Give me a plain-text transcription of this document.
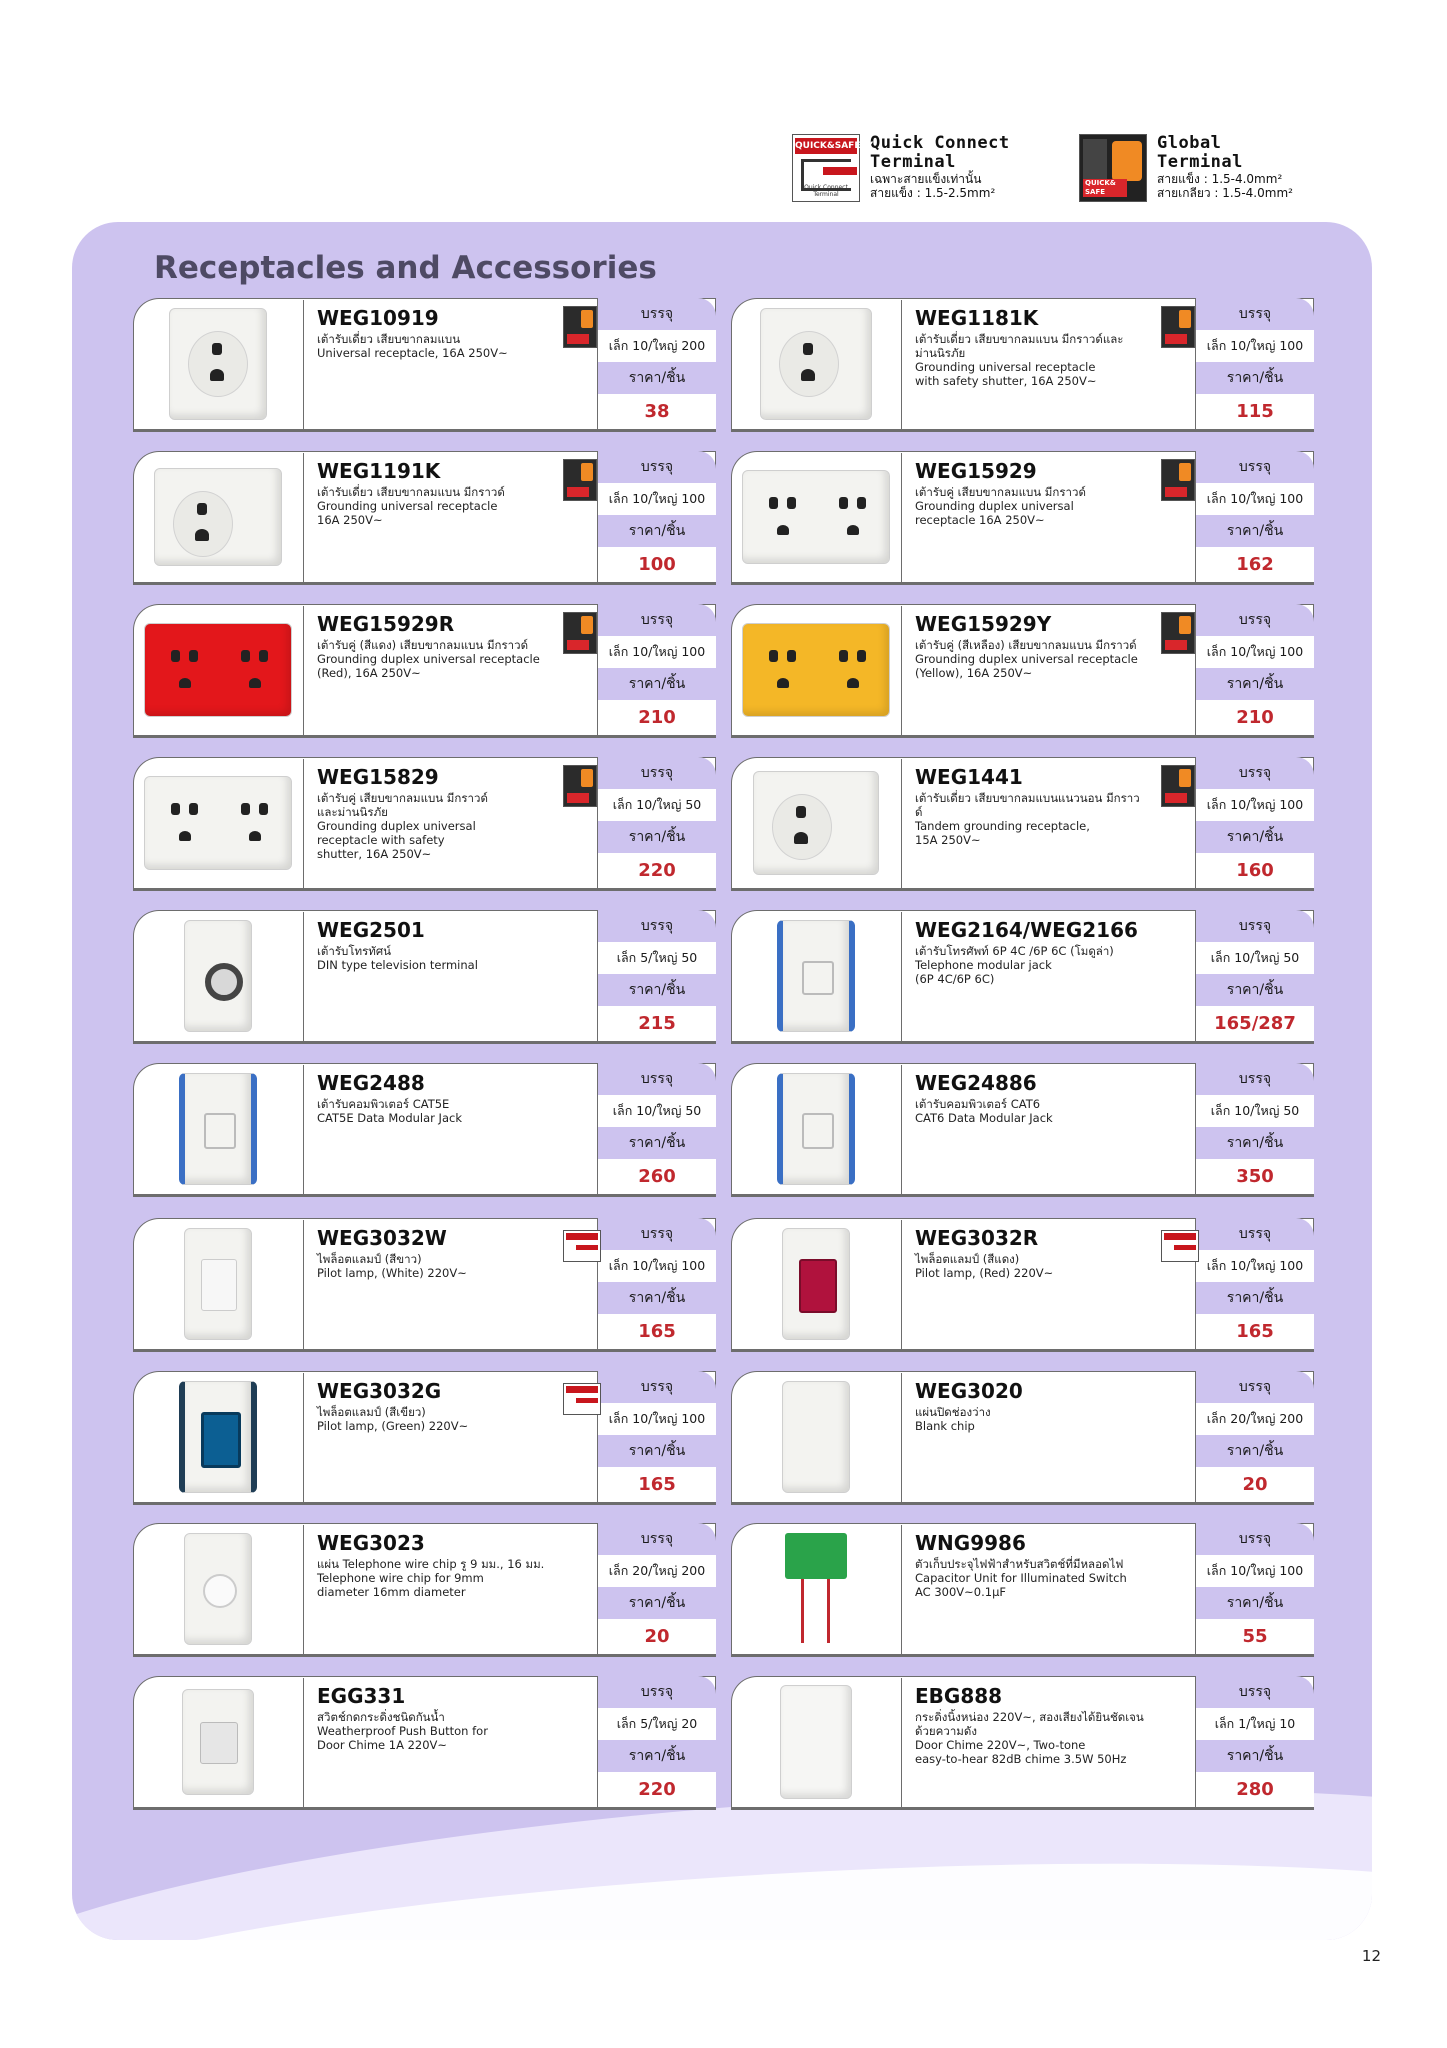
QUICK&SAFETY
Quick Connect Terminal
Quick Connect
Terminal
เฉพาะสายแข็งเท่านั้น
สายแข็ง : 1.5-2.5mm²
QUICK& SAFE
Global
Terminal
สายแข็ง : 1.5-4.0mm²
สายเกลียว : 1.5-4.0mm²
Receptacles and Accessories
WEG10919
เต้ารับเดี่ยว เสียบขากลมแบน
Universal receptacle, 16A 250V~
บรรจุ
เล็ก 10/ใหญ่ 200
ราคา/ชิ้น
38
WEG1181K
เต้ารับเดี่ยว เสียบขากลมแบน มีกราวด์และ
ม่านนิรภัย
Grounding universal receptacle
with safety shutter, 16A 250V~
บรรจุ
เล็ก 10/ใหญ่ 100
ราคา/ชิ้น
115
WEG1191K
เต้ารับเดี่ยว เสียบขากลมแบน มีกราวด์
Grounding universal receptacle
16A 250V~
บรรจุ
เล็ก 10/ใหญ่ 100
ราคา/ชิ้น
100
WEG15929
เต้ารับคู่ เสียบขากลมแบน มีกราวด์
Grounding duplex universal
receptacle 16A 250V~
บรรจุ
เล็ก 10/ใหญ่ 100
ราคา/ชิ้น
162
WEG15929R
เต้ารับคู่ (สีแดง) เสียบขากลมแบน มีกราวด์
Grounding duplex universal receptacle
(Red), 16A 250V~
บรรจุ
เล็ก 10/ใหญ่ 100
ราคา/ชิ้น
210
WEG15929Y
เต้ารับคู่ (สีเหลือง) เสียบขากลมแบน มีกราวด์
Grounding duplex universal receptacle
(Yellow), 16A 250V~
บรรจุ
เล็ก 10/ใหญ่ 100
ราคา/ชิ้น
210
WEG15829
เต้ารับคู่ เสียบขากลมแบน มีกราวด์
และม่านนิรภัย
Grounding duplex universal
receptacle with safety
shutter, 16A 250V~
บรรจุ
เล็ก 10/ใหญ่ 50
ราคา/ชิ้น
220
WEG1441
เต้ารับเดี่ยว เสียบขากลมแบนแนวนอน มีกราวด์
Tandem grounding receptacle,
15A 250V~
บรรจุ
เล็ก 10/ใหญ่ 100
ราคา/ชิ้น
160
WEG2501
เต้ารับโทรทัศน์
DIN type television terminal
บรรจุ
เล็ก 5/ใหญ่ 50
ราคา/ชิ้น
215
WEG2164/WEG2166
เต้ารับโทรศัพท์ 6P 4C /6P 6C (โมดูล่า)
Telephone modular jack
(6P 4C/6P 6C)
บรรจุ
เล็ก 10/ใหญ่ 50
ราคา/ชิ้น
165/287
WEG2488
เต้ารับคอมพิวเตอร์ CAT5E
CAT5E Data Modular Jack
บรรจุ
เล็ก 10/ใหญ่ 50
ราคา/ชิ้น
260
WEG24886
เต้ารับคอมพิวเตอร์ CAT6
CAT6 Data Modular Jack
บรรจุ
เล็ก 10/ใหญ่ 50
ราคา/ชิ้น
350
WEG3032W
ไพล็อตแลมป์ (สีขาว)
Pilot lamp, (White) 220V~
บรรจุ
เล็ก 10/ใหญ่ 100
ราคา/ชิ้น
165
WEG3032R
ไพล็อตแลมป์ (สีแดง)
Pilot lamp, (Red) 220V~
บรรจุ
เล็ก 10/ใหญ่ 100
ราคา/ชิ้น
165
WEG3032G
ไพล็อตแลมป์ (สีเขียว)
Pilot lamp, (Green) 220V~
บรรจุ
เล็ก 10/ใหญ่ 100
ราคา/ชิ้น
165
WEG3020
แผ่นปิดช่องว่าง
Blank chip
บรรจุ
เล็ก 20/ใหญ่ 200
ราคา/ชิ้น
20
WEG3023
แผ่น Telephone wire chip รู 9 มม., 16 มม.
Telephone wire chip for 9mm
diameter 16mm diameter
บรรจุ
เล็ก 20/ใหญ่ 200
ราคา/ชิ้น
20
WNG9986
ตัวเก็บประจุไฟฟ้าสำหรับสวิตช์ที่มีหลอดไฟ
Capacitor Unit for Illuminated Switch
AC 300V~0.1µF
บรรจุ
เล็ก 10/ใหญ่ 100
ราคา/ชิ้น
55
EGG331
สวิตช์กดกระดิ่งชนิดกันน้ำ
Weatherproof Push Button for
Door Chime 1A 220V~
บรรจุ
เล็ก 5/ใหญ่ 20
ราคา/ชิ้น
220
EBG888
กระดิ่งนิ้งหน่อง 220V~, สองเสียงได้ยินชัดเจน
ด้วยความดัง
Door Chime 220V~, Two-tone
easy-to-hear 82dB chime 3.5W 50Hz
บรรจุ
เล็ก 1/ใหญ่ 10
ราคา/ชิ้น
280
12
